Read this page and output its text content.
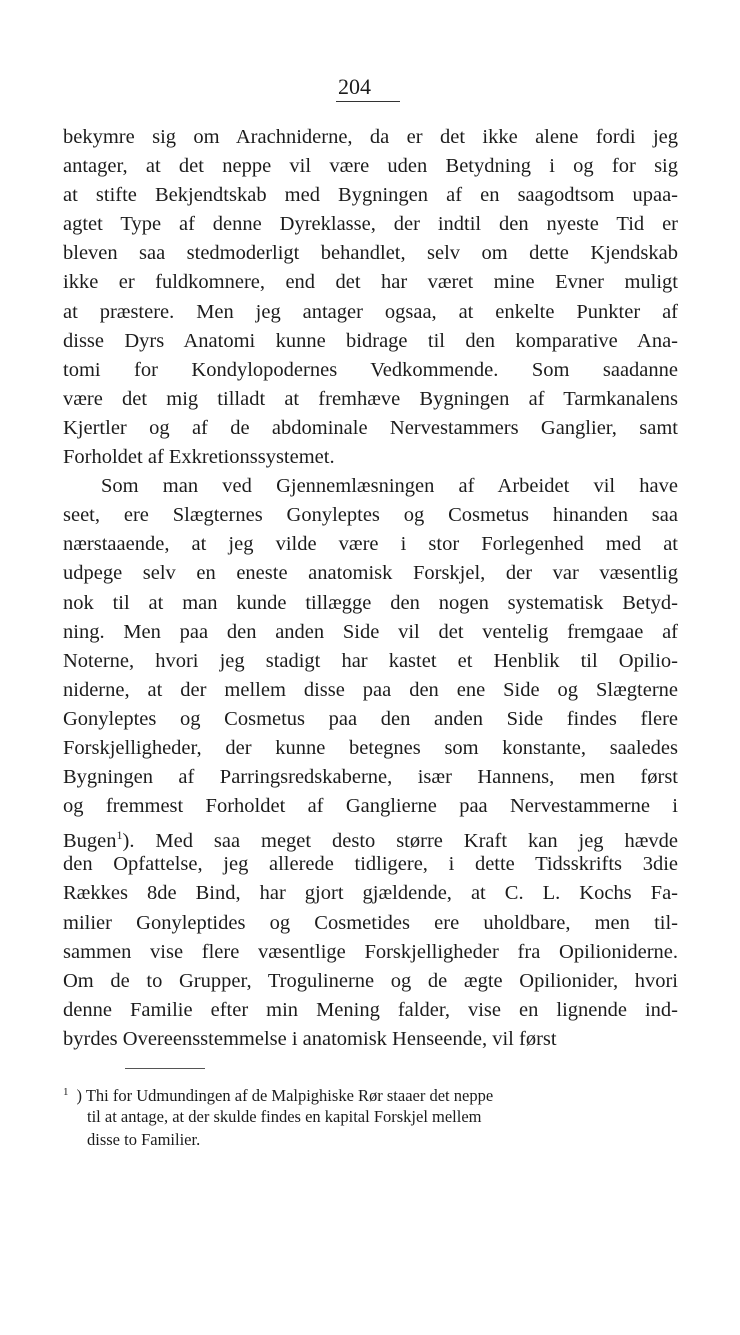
204
bekymre sig om Arachniderne, da er det ikke alene fordi jeg
antager, at det neppe vil være uden Betydning i og for sig
at stifte Bekjendtskab med Bygningen af en saagodtsom upaa-
agtet Type af denne Dyreklasse, der indtil den nyeste Tid er
bleven saa stedmoderligt behandlet, selv om dette Kjendskab
ikke er fuldkomnere, end det har været mine Evner muligt
at præstere. Men jeg antager ogsaa, at enkelte Punkter af
disse Dyrs Anatomi kunne bidrage til den komparative Ana-
tomi for Kondylopodernes Vedkommende. Som saadanne
være det mig tilladt at fremhæve Bygningen af Tarmkanalens
Kjertler og af de abdominale Nervestammers Ganglier, samt
Forholdet af Exkretionssystemet.
Som man ved Gjennemlæsningen af Arbeidet vil have
seet, ere Slægternes Gonyleptes og Cosmetus hinanden saa
nærstaaende, at jeg vilde være i stor Forlegenhed med at
udpege selv en eneste anatomisk Forskjel, der var væsentlig
nok til at man kunde tillægge den nogen systematisk Betyd-
ning. Men paa den anden Side vil det ventelig fremgaae af
Noterne, hvori jeg stadigt har kastet et Henblik til Opilio-
niderne, at der mellem disse paa den ene Side og Slægterne
Gonyleptes og Cosmetus paa den anden Side findes flere
Forskjelligheder, der kunne betegnes som konstante, saaledes
Bygningen af Parringsredskaberne, især Hannens, men først
og fremmest Forholdet af Ganglierne paa Nervestammerne i
Bugen$^1$). Med saa meget desto større Kraft kan jeg hævde
den Opfattelse, jeg allerede tidligere, i dette Tidsskrifts 3die
Rækkes 8de Bind, har gjort gjældende, at C. L. Kochs Fa-
milier Gonyleptides og Cosmetides ere uholdbare, men til-
sammen vise flere væsentlige Forskjelligheder fra Opilioniderne.
Om de to Grupper, Trogulinerne og de ægte Opilionider, hvori
denne Familie efter min Mening falder, vise en lignende ind-
byrdes Overeensstemmelse i anatomisk Henseende, vil først
$^1$ ) Thi for Udmundingen af de Malpighiske Rør staaer det neppe
til at antage, at der skulde findes en kapital Forskjel mellem
disse to Familier.
